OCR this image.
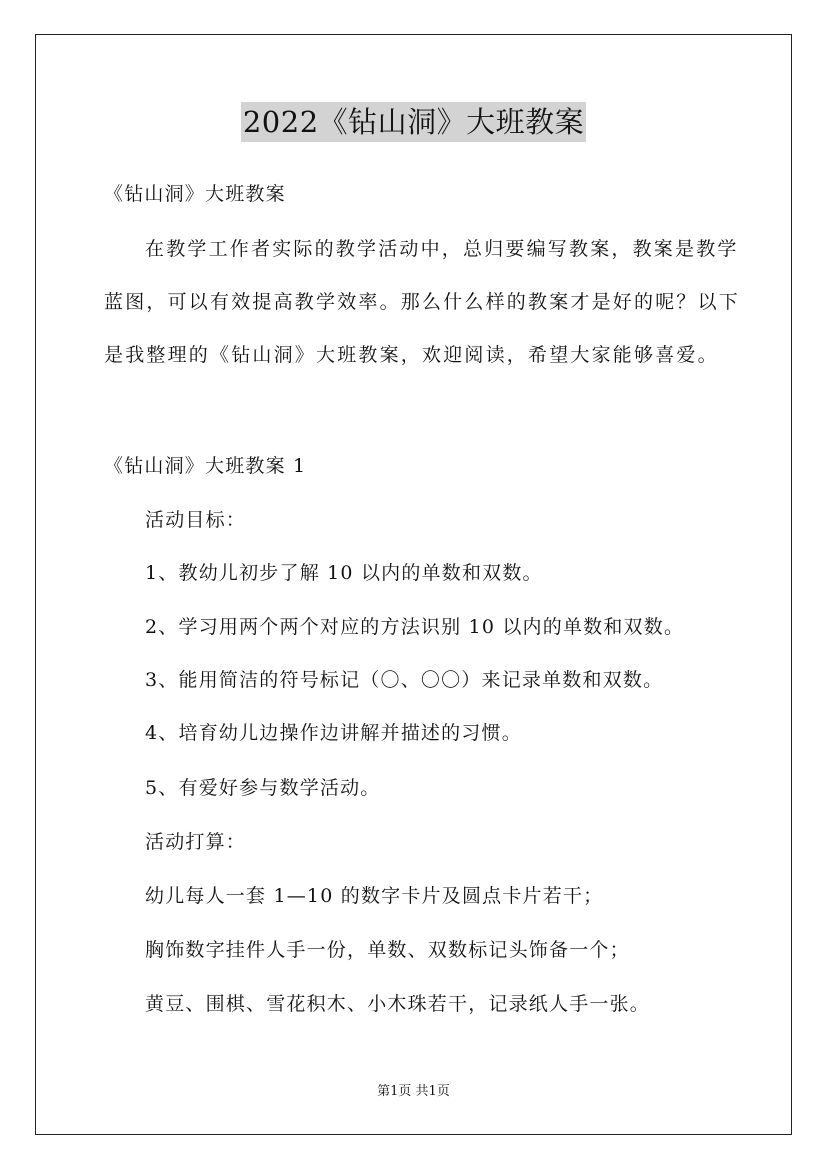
2022《钻山洞》大班教案
《钻山洞》大班教案
在教学工作者实际的教学活动中，总归要编写教案，教案是教学
蓝图，可以有效提高教学效率。那么什么样的教案才是好的呢？以下
是我整理的《钻山洞》大班教案，欢迎阅读，希望大家能够喜爱。
《钻山洞》大班教案 1
活动目标：
1、教幼儿初步了解 10 以内的单数和双数。
2、学习用两个两个对应的方法识别 10 以内的单数和双数。
3、能用简洁的符号标记（〇、〇〇）来记录单数和双数。
4、培育幼儿边操作边讲解并描述的习惯。
5、有爱好参与数学活动。
活动打算：
幼儿每人一套 1—10 的数字卡片及圆点卡片若干；
胸饰数字挂件人手一份，单数、双数标记头饰备一个；
黄豆、围棋、雪花积木、小木珠若干，记录纸人手一张。
第1页 共1页
